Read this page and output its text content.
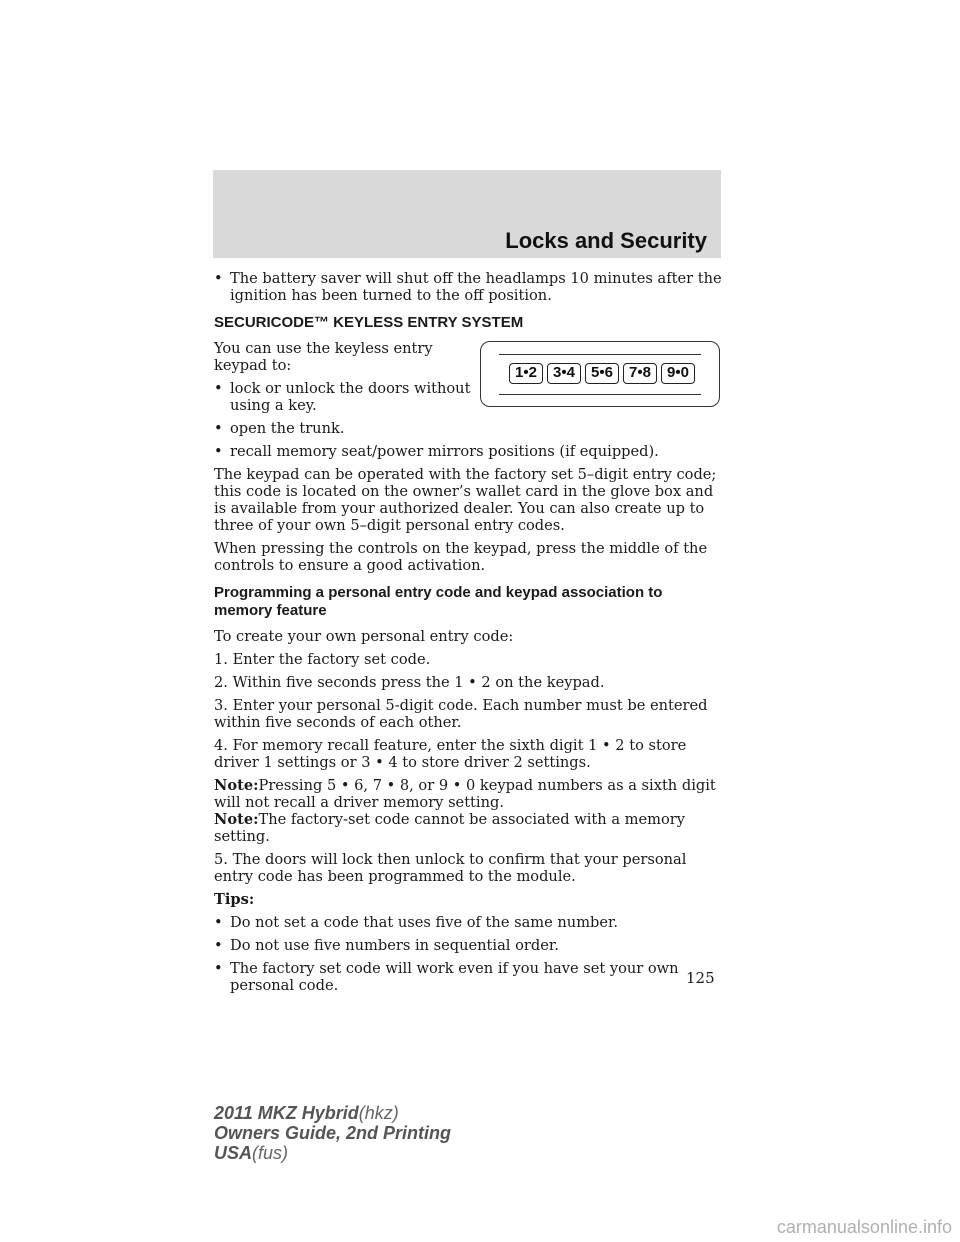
Locks and Security
1•2	3•4	5•6	7•8	9•0

• The battery saver will shut off the headlamps 10 minutes after the ignition has been turned to the off position.

SECURICODE™ KEYLESS ENTRY SYSTEM

You can use the keyless entry keypad to:

• lock or unlock the doors without using a key.

• open the trunk.

• recall memory seat/power mirrors positions (if equipped).

The keypad can be operated with the factory set 5–digit entry code; this code is located on the owner’s wallet card in the glove box and is available from your authorized dealer. You can also create up to three of your own 5–digit personal entry codes.

When pressing the controls on the keypad, press the middle of the controls to ensure a good activation.

Programming a personal entry code and keypad association to memory feature

To create your own personal entry code:

1. Enter the factory set code.

2. Within five seconds press the 1 • 2 on the keypad.

3. Enter your personal 5-digit code. Each number must be entered within five seconds of each other.

4. For memory recall feature, enter the sixth digit 1 • 2 to store driver 1 settings or 3 • 4 to store driver 2 settings.

Note:Pressing 5 • 6, 7 • 8, or 9 • 0 keypad numbers as a sixth digit will not recall a driver memory setting.

Note:The factory-set code cannot be associated with a memory setting.

5. The doors will lock then unlock to confirm that your personal entry code has been programmed to the module.

Tips:

• Do not set a code that uses five of the same number.

• Do not use five numbers in sequential order.

• The factory set code will work even if you have set your own personal code.	125
2011 MKZ Hybrid(hkz)
Owners Guide, 2nd Printing
USA(fus)
carmanualsonline.info
